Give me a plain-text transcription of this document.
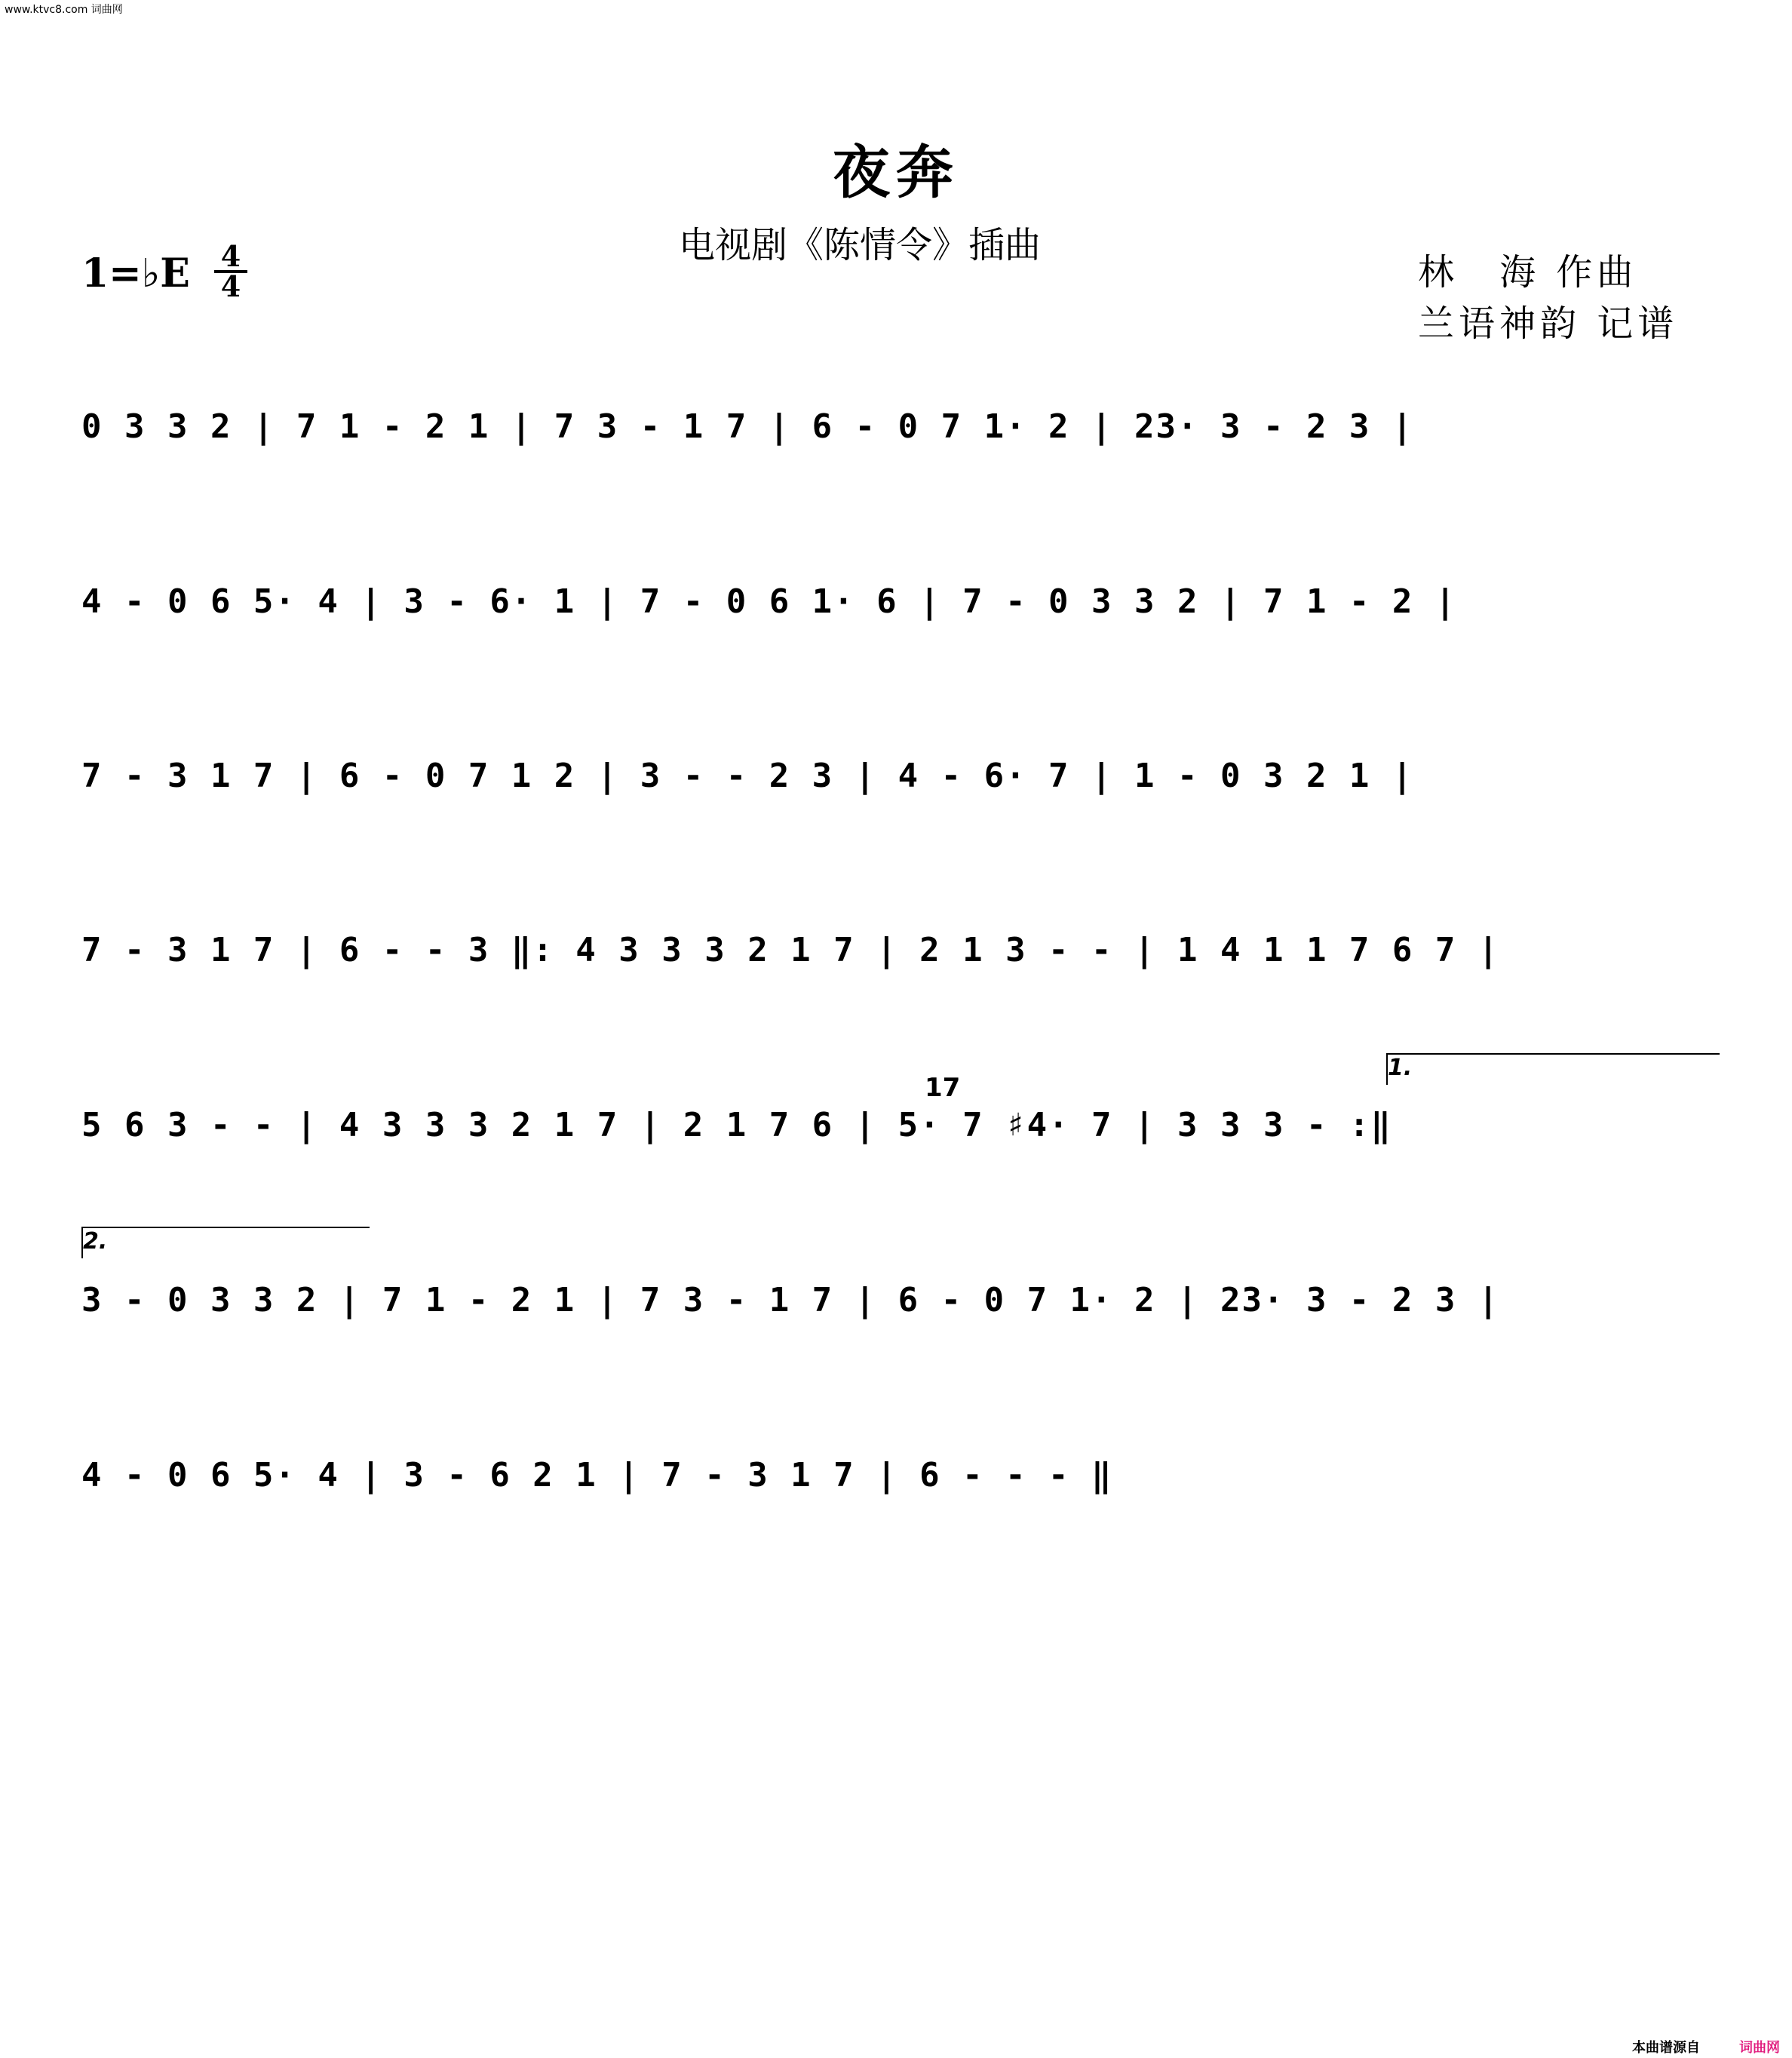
www.ktvc8.com 词曲网
夜奔
电视剧《陈情令》插曲
1=♭E 4
4	林　海 作曲
兰语神韵 记谱
0 3 3 2 | 7 1 - 2 1 | 7 3 - 1 7 | 6 - 0 7 1· 2 | 23· 3 - 2 3 |
4 - 0 6 5· 4 | 3 - 6· 1 | 7 - 0 6 1· 6 | 7 - 0 3 3 2 | 7 1 - 2 |
7 - 3 1 7 | 6 - 0 7 1 2 | 3 - - 2 3 | 4 - 6· 7 | 1 - 0 3 2 1 |
7 - 3 1 7 | 6 - - 3 ‖: 4 3 3 3 2 1 7 | 2 1 3 - - | 1 4 1 1 7 6 7 |
1.
17
5 6 3 - - | 4 3 3 3 2 1 7 | 2 1 7 6 | 5· 7 ♯4· 7 | 3 3 3 - :‖
2.
3 - 0 3 3 2 | 7 1 - 2 1 | 7 3 - 1 7 | 6 - 0 7 1· 2 | 23· 3 - 2 3 |
4 - 0 6 5· 4 | 3 - 6 2 1 | 7 - 3 1 7 | 6 - - - ‖
本曲谱源自	词曲网
